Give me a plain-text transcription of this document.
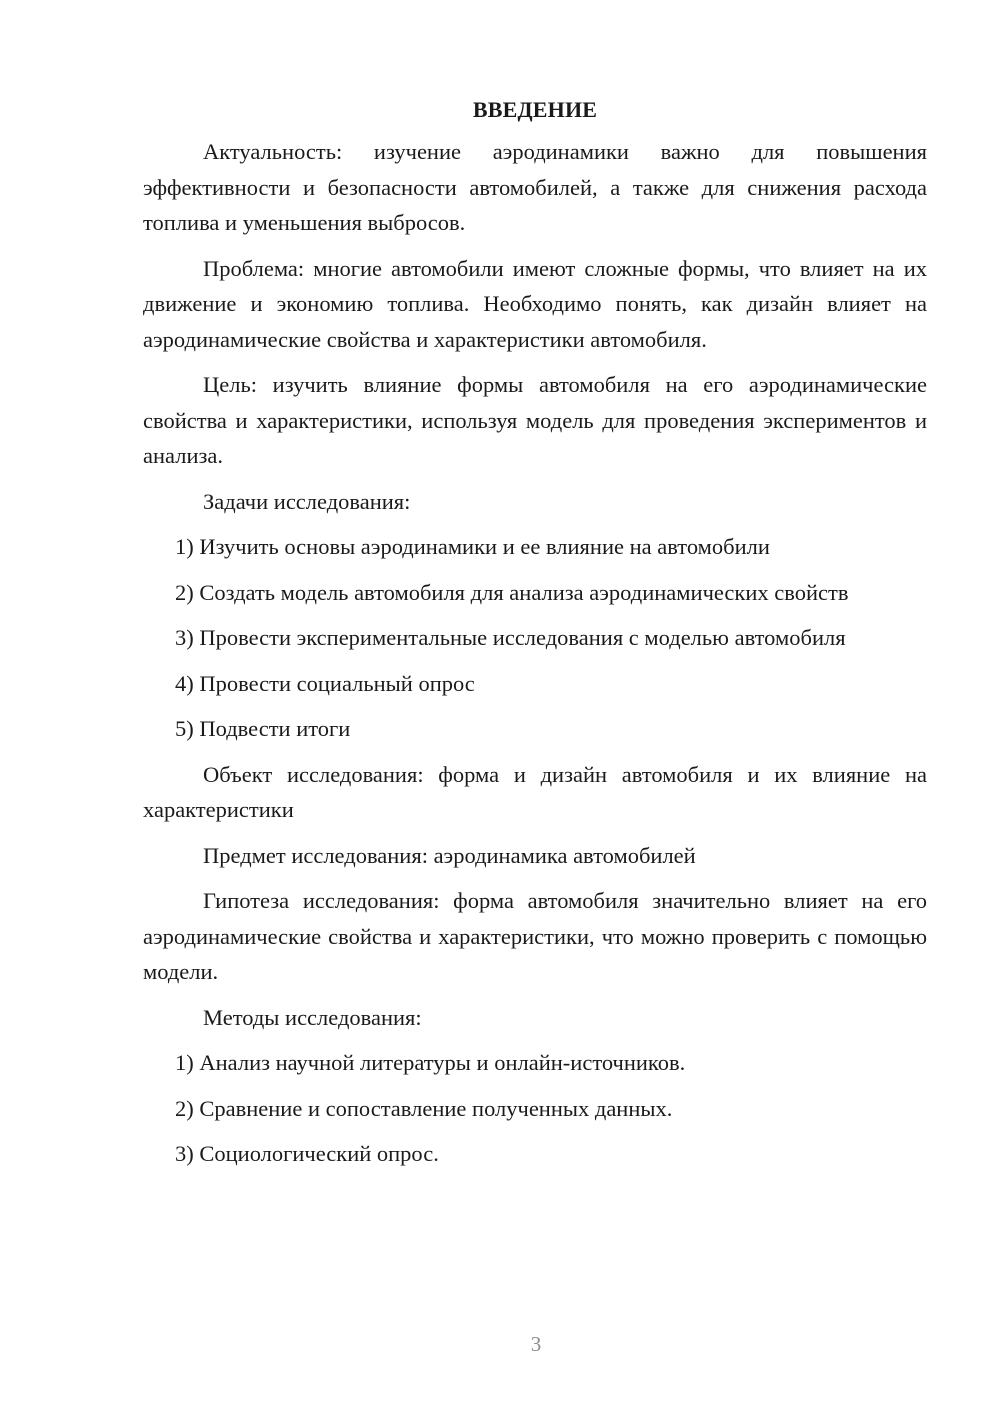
ВВЕДЕНИЕ

Актуальность: изучение аэродинамики важно для повышения эффективности и безопасности автомобилей, а также для снижения расхода топлива и уменьшения выбросов.

Проблема: многие автомобили имеют сложные формы, что влияет на их движение и экономию топлива. Необходимо понять, как дизайн влияет на аэродинамические свойства и характеристики автомобиля.

Цель: изучить влияние формы автомобиля на его аэродинамические свойства и характеристики, используя модель для проведения экспериментов и анализа.

Задачи исследования:

1) Изучить основы аэродинамики и ее влияние на автомобили
2) Создать модель автомобиля для анализа аэродинамических свойств
3) Провести экспериментальные исследования с моделью автомобиля
4) Провести социальный опрос
5) Подвести итоги

Объект исследования: форма и дизайн автомобиля и их влияние на характеристики

Предмет исследования: аэродинамика автомобилей

Гипотеза исследования: форма автомобиля значительно влияет на его аэродинамические свойства и характеристики, что можно проверить с помощью модели.

Методы исследования:

1) Анализ научной литературы и онлайн-источников.
2) Сравнение и сопоставление полученных данных.
3) Социологический опрос.
3
